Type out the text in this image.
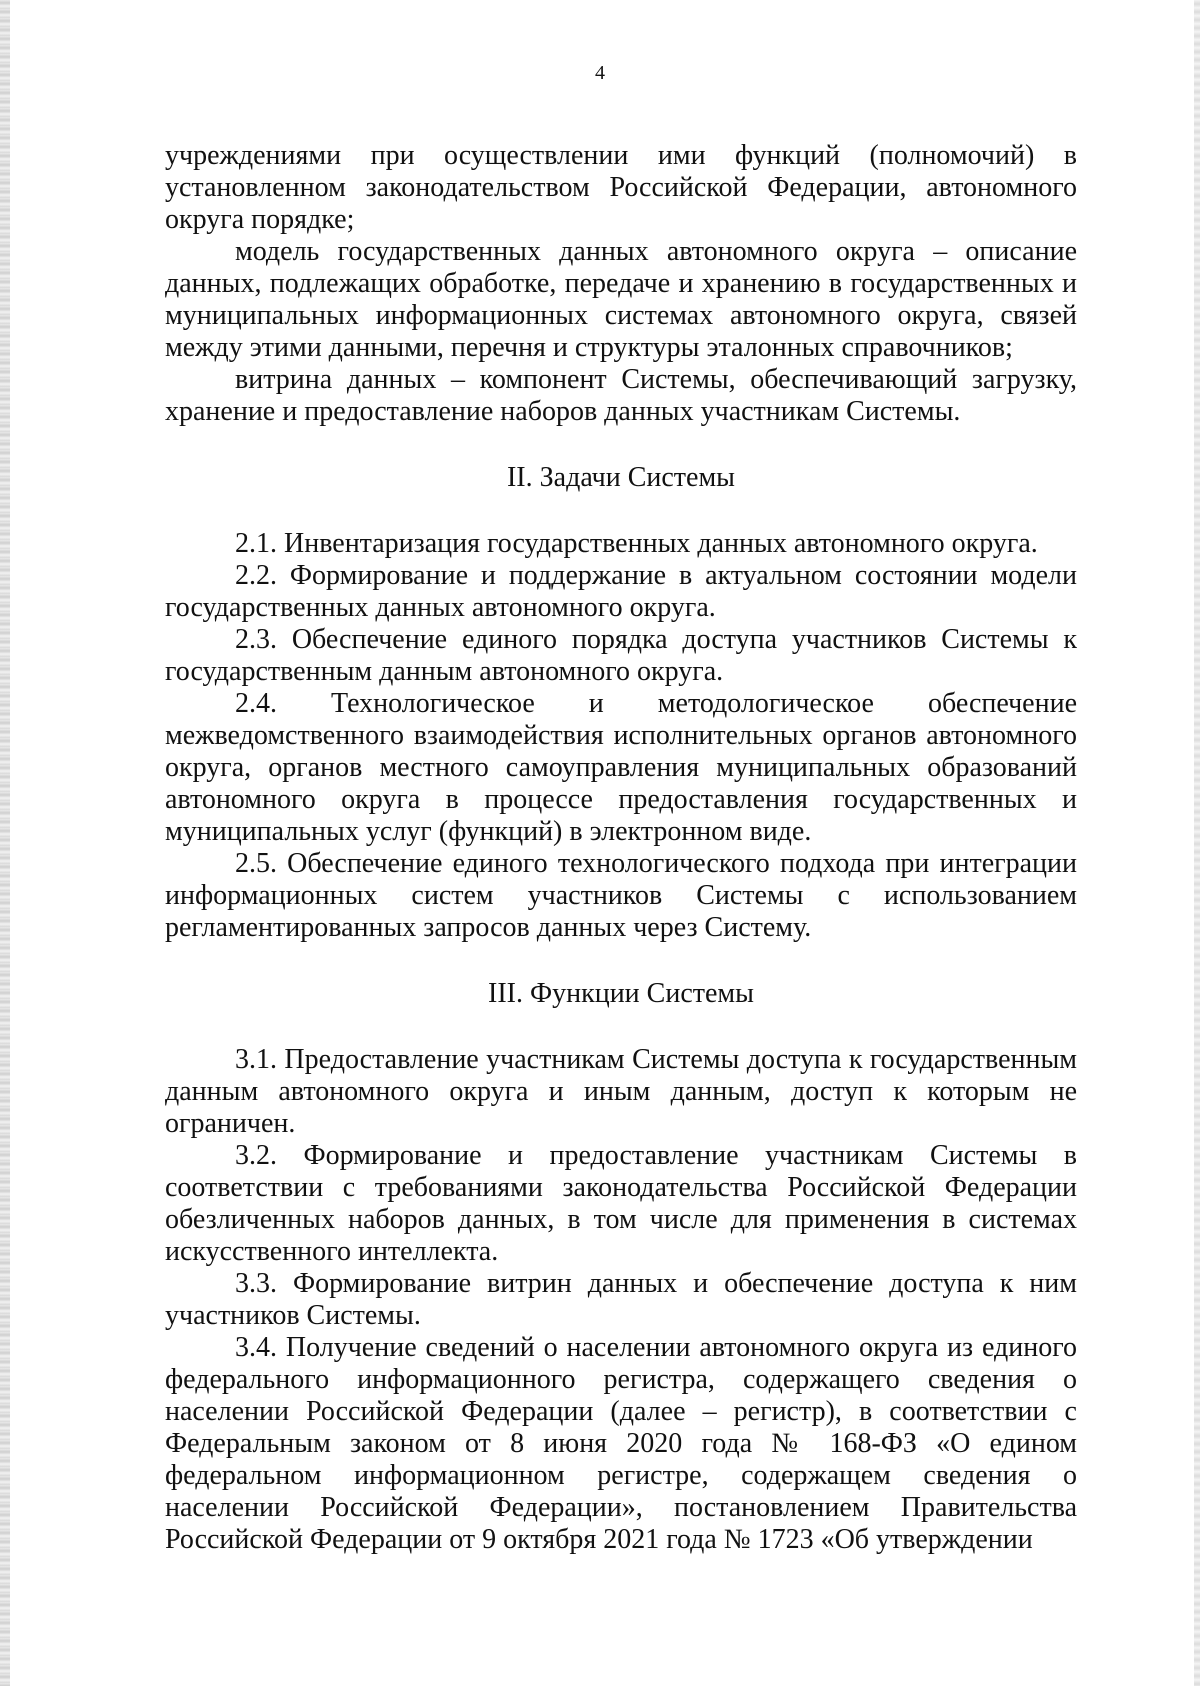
4

учреждениями при осуществлении ими функций (полномочий) в установленном законодательством Российской Федерации, автономного округа порядке;

модель государственных данных автономного округа – описание данных, подлежащих обработке, передаче и хранению в государственных и муниципальных информационных системах автономного округа, связей между этими данными, перечня и структуры эталонных справочников;

витрина данных – компонент Системы, обеспечивающий загрузку, хранение и предоставление наборов данных участникам Системы.

II. Задачи Системы

2.1. Инвентаризация государственных данных автономного округа.

2.2. Формирование и поддержание в актуальном состоянии модели государственных данных автономного округа.

2.3. Обеспечение единого порядка доступа участников Системы к государственным данным автономного округа.

2.4. Технологическое и методологическое обеспечение межведомственного взаимодействия исполнительных органов автономного округа, органов местного самоуправления муниципальных образований автономного округа в процессе предоставления государственных и муниципальных услуг (функций) в электронном виде.

2.5. Обеспечение единого технологического подхода при интеграции информационных систем участников Системы с использованием регламентированных запросов данных через Систему.

III. Функции Системы

3.1. Предоставление участникам Системы доступа к государственным данным автономного округа и иным данным, доступ к которым не ограничен.

3.2. Формирование и предоставление участникам Системы в соответствии с требованиями законодательства Российской Федерации обезличенных наборов данных, в том числе для применения в системах искусственного интеллекта.

3.3. Формирование витрин данных и обеспечение доступа к ним участников Системы.

3.4. Получение сведений о населении автономного округа из единого федерального информационного регистра, содержащего сведения о населении Российской Федерации (далее – регистр), в соответствии с Федеральным законом от 8 июня 2020 года № 168-ФЗ «О едином федеральном информационном регистре, содержащем сведения о населении Российской Федерации», постановлением Правительства Российской Федерации от 9 октября 2021 года № 1723 «Об утверждении
